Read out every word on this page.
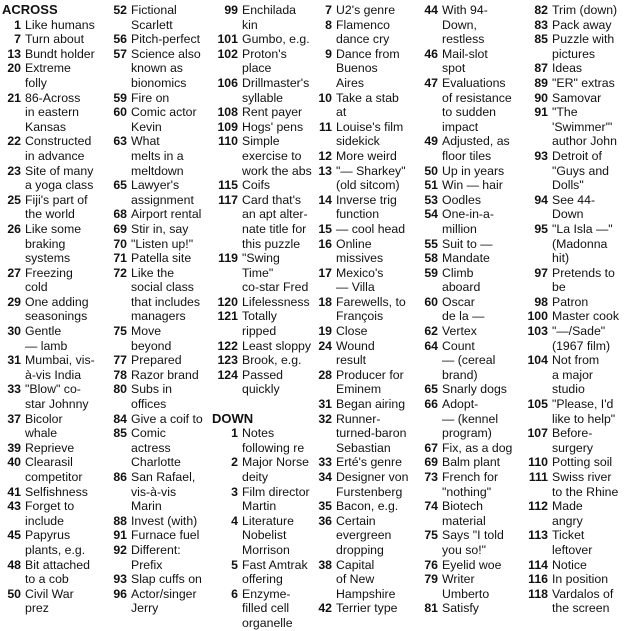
ACROSS
1 Like humans
7 Turn about
13 Bundt holder
20 Extreme
folly
21 86-Across
in eastern
Kansas
22 Constructed
in advance
23 Site of many
a yoga class
25 Fiji's part of
the world
26 Like some
braking
systems
27 Freezing
cold
29 One adding
seasonings
30 Gentle
— lamb
31 Mumbai, vis-
à-vis India
33 "Blow" co-
star Johnny
37 Bicolor
whale
39 Reprieve
40 Clearasil
competitor
41 Selfishness
43 Forget to
include
45 Papyrus
plants, e.g.
48 Bit attached
to a cob
50 Civil War
prez
52 Fictional
Scarlett
56 Pitch-perfect
57 Science also
known as
bionomics
59 Fire on
60 Comic actor
Kevin
63 What
melts in a
meltdown
65 Lawyer's
assignment
68 Airport rental
69 Stir in, say
70 "Listen up!"
71 Patella site
72 Like the
social class
that includes
managers
75 Move
beyond
77 Prepared
78 Razor brand
80 Subs in
offices
84 Give a coif to
85 Comic
actress
Charlotte
86 San Rafael,
vis-à-vis
Marin
88 Invest (with)
91 Furnace fuel
92 Different:
Prefix
93 Slap cuffs on
96 Actor/singer
Jerry
99 Enchilada
kin
101 Gumbo, e.g.
102 Proton's
place
106 Drillmaster's
syllable
108 Rent payer
109 Hogs' pens
110 Simple
exercise to
work the abs
115 Coifs
117 Card that's
an apt alter-
nate title for
this puzzle
119 "Swing Time"
co-star Fred
120 Lifelessness
121 Totally
ripped
122 Least sloppy
123 Brook, e.g.
124 Passed
quickly
DOWN
1 Notes
following re
2 Major Norse
deity
3 Film director
Martin
4 Literature
Nobelist
Morrison
5 Fast Amtrak
offering
6 Enzyme-
filled cell
organelle
7 U2's genre
8 Flamenco
dance cry
9 Dance from
Buenos
Aires
10 Take a stab
at
11 Louise's film
sidekick
12 More weird
13 "— Sharkey"
(old sitcom)
14 Inverse trig
function
15 — cool head
16 Online
missives
17 Mexico's
— Villa
18 Farewells, to
François
19 Close
24 Wound
result
28 Producer for
Eminem
31 Began airing
32 Runner-
turned-baron
Sebastian
33 Erté's genre
34 Designer von
Furstenberg
35 Bacon, e.g.
36 Certain
evergreen
dropping
38 Capital
of New
Hampshire
42 Terrier type
44 With 94-
Down,
restless
46 Mail-slot
spot
47 Evaluations
of resistance
to sudden
impact
49 Adjusted, as
floor tiles
50 Up in years
51 Win — hair
53 Oodles
54 One-in-a-
million
55 Suit to —
58 Mandate
59 Climb
aboard
60 Oscar
de la —
62 Vertex
64 Count
— (cereal
brand)
65 Snarly dogs
66 Adopt-
— (kennel
program)
67 Fix, as a dog
69 Balm plant
73 French for
"nothing"
74 Biotech
material
75 Says "I told
you so!"
76 Eyelid woe
79 Writer
Umberto
81 Satisfy
82 Trim (down)
83 Pack away
85 Puzzle with
pictures
87 Ideas
89 "ER" extras
90 Samovar
91 "The
'Swimmer'"
author John
93 Detroit of
"Guys and
Dolls"
94 See 44-
Down
95 "La Isla —"
(Madonna
hit)
97 Pretends to
be
98 Patron
100 Master cook
103 "—/Sade"
(1967 film)
104 Not from
a major
studio
105 "Please, I'd
like to help"
107 Before-
surgery
110 Potting soil
111 Swiss river
to the Rhine
112 Made
angry
113 Ticket
leftover
114 Notice
116 In position
118 Vardalos of
the screen
